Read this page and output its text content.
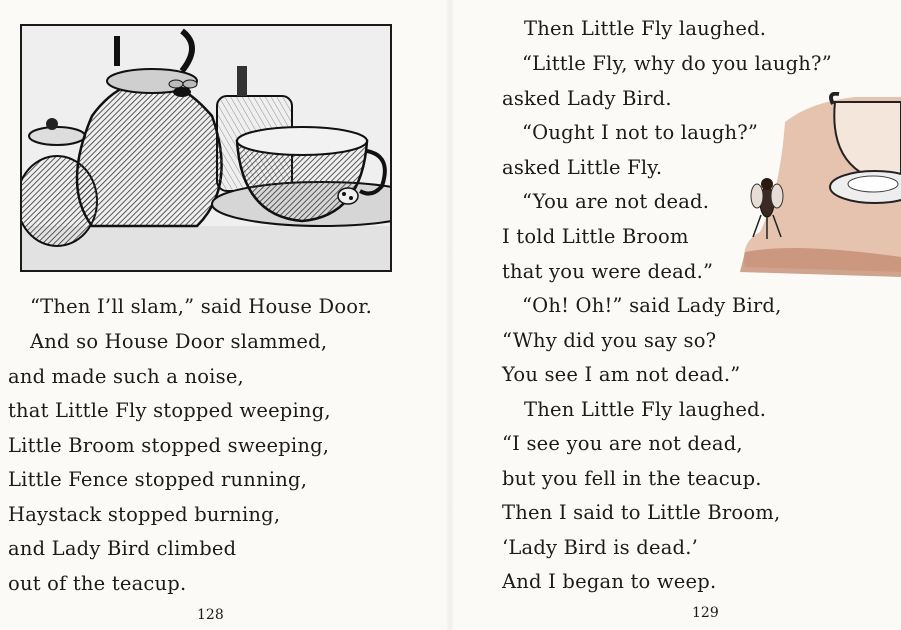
“Then I’ll slam,” said House Door.
And so House Door slammed,
and made such a noise,
that Little Fly stopped weeping,
Little Broom stopped sweeping,
Little Fence stopped running,
Haystack stopped burning,
and Lady Bird climbed
out of the teacup.
128
Then Little Fly laughed.
“Little Fly, why do you laugh?”
asked Lady Bird.
“Ought I not to laugh?”
asked Little Fly.
“You are not dead.
I told Little Broom
that you were dead.”
“Oh! Oh!” said Lady Bird,
“Why did you say so?
You see I am not dead.”
Then Little Fly laughed.
“I see you are not dead,
but you fell in the teacup.
Then I said to Little Broom,
‘Lady Bird is dead.’
And I began to weep.
129
